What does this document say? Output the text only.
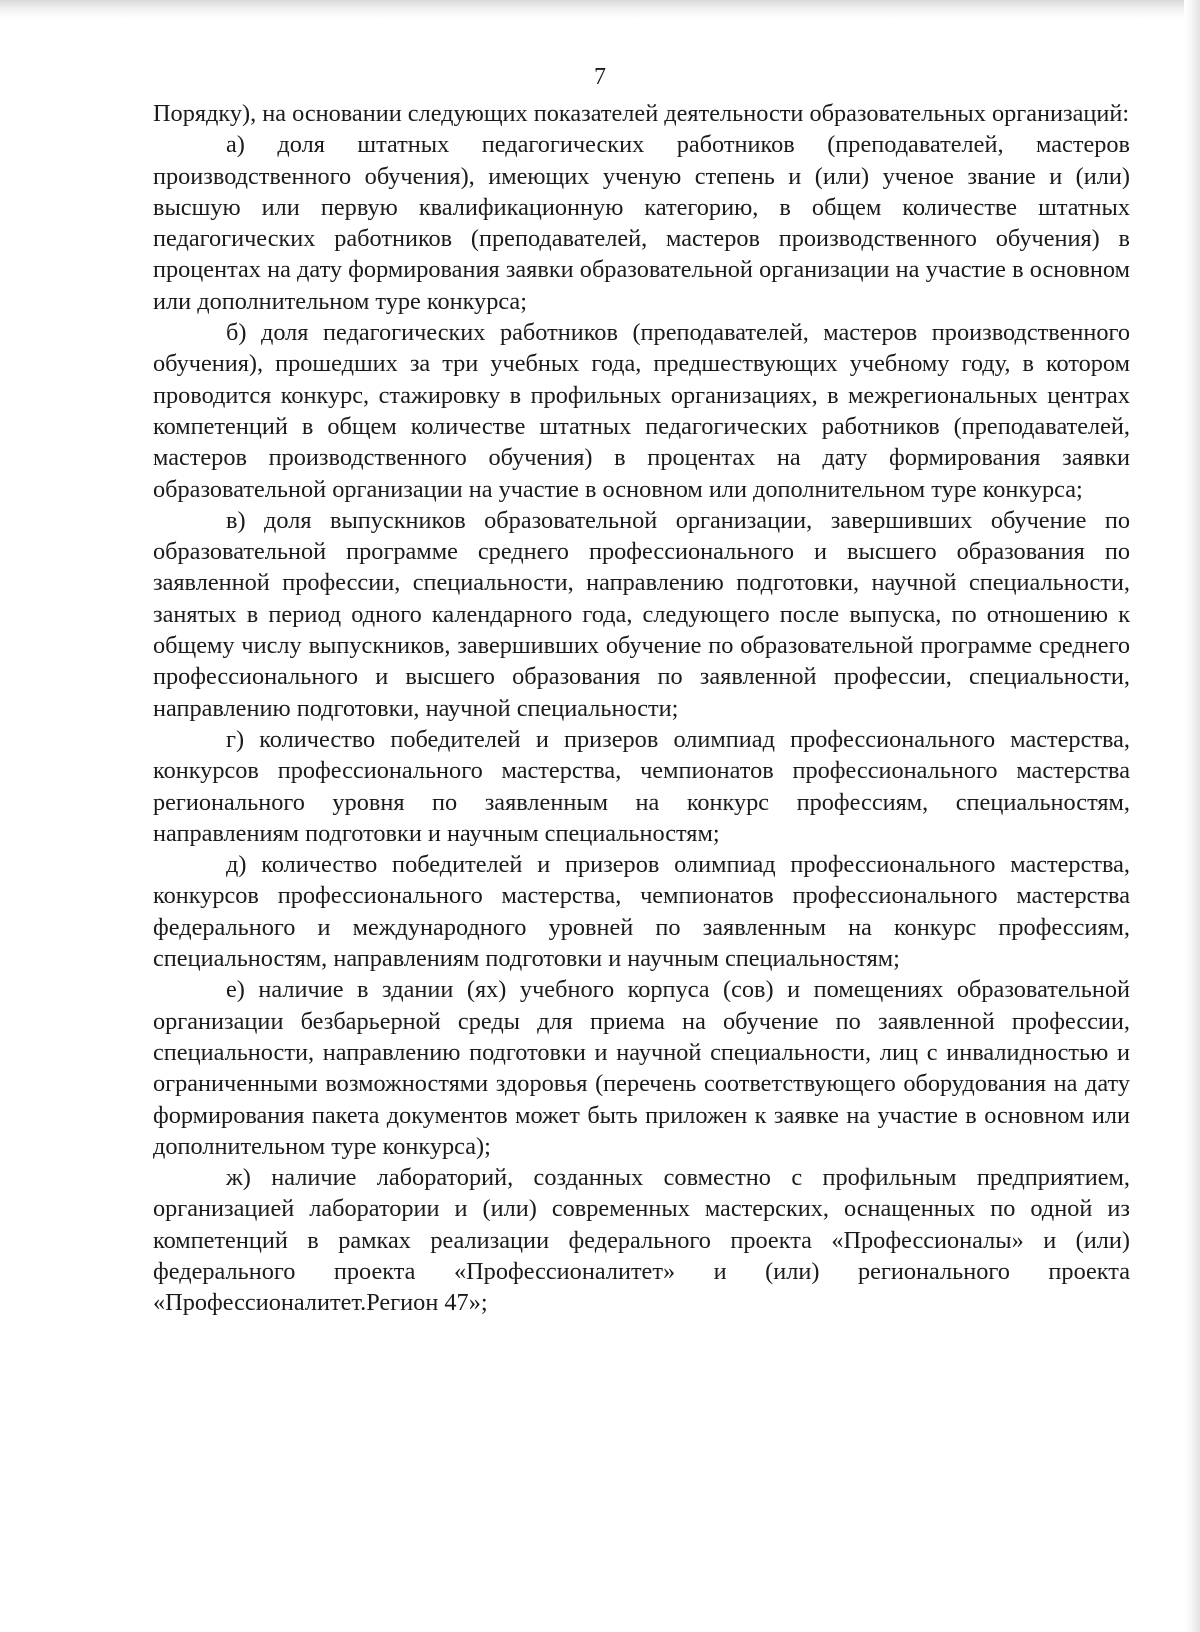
7

Порядку), на основании следующих показателей деятельности образовательных организаций:

а) доля штатных педагогических работников (преподавателей, мастеров производственного обучения), имеющих ученую степень и (или) ученое звание и (или) высшую или первую квалификационную категорию, в общем количестве штатных педагогических работников (преподавателей, мастеров производственного обучения) в процентах на дату формирования заявки образовательной организации на участие в основном или дополнительном туре конкурса;

б) доля педагогических работников (преподавателей, мастеров производственного обучения), прошедших за три учебных года, предшествующих учебному году, в котором проводится конкурс, стажировку в профильных организациях, в межрегиональных центрах компетенций в общем количестве штатных педагогических работников (преподавателей, мастеров производственного обучения) в процентах на дату формирования заявки образовательной организации на участие в основном или дополнительном туре конкурса;

в) доля выпускников образовательной организации, завершивших обучение по образовательной программе среднего профессионального и высшего образования по заявленной профессии, специальности, направлению подготовки, научной специальности, занятых в период одного календарного года, следующего после выпуска, по отношению к общему числу выпускников, завершивших обучение по образовательной программе среднего профессионального и высшего образования по заявленной профессии, специальности, направлению подготовки, научной специальности;

г) количество победителей и призеров олимпиад профессионального мастерства, конкурсов профессионального мастерства, чемпионатов профессионального мастерства регионального уровня по заявленным на конкурс профессиям, специальностям, направлениям подготовки и научным специальностям;

д) количество победителей и призеров олимпиад профессионального мастерства, конкурсов профессионального мастерства, чемпионатов профессионального мастерства федерального и международного уровней по заявленным на конкурс профессиям, специальностям, направлениям подготовки и научным специальностям;

е) наличие в здании (ях) учебного корпуса (сов) и помещениях образовательной организации безбарьерной среды для приема на обучение по заявленной профессии, специальности, направлению подготовки и научной специальности, лиц с инвалидностью и ограниченными возможностями здоровья (перечень соответствующего оборудования на дату формирования пакета документов может быть приложен к заявке на участие в основном или дополнительном туре конкурса);

ж) наличие лабораторий, созданных совместно с профильным предприятием, организацией лаборатории и (или) современных мастерских, оснащенных по одной из компетенций в рамках реализации федерального проекта «Профессионалы» и (или) федерального проекта «Профессионалитет» и (или) регионального проекта «Профессионалитет.Регион 47»;
